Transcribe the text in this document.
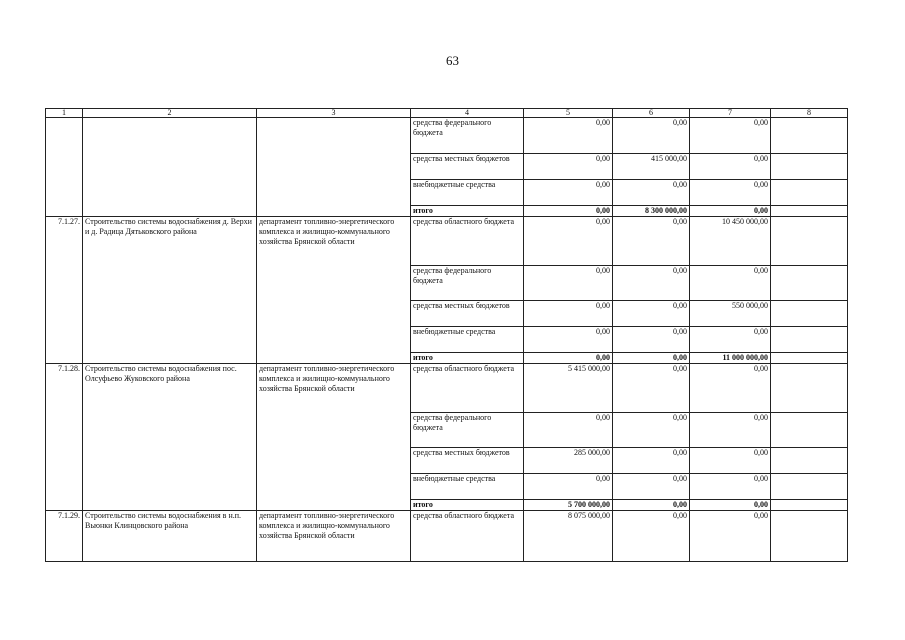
63
1	2	3	4	5	6	7	8
			средства федерального бюджета	0,00	0,00	0,00	
			средства местных бюджетов	0,00	415 000,00	0,00	
			внебюджетные средства	0,00	0,00	0,00	
			итого	0,00	8 300 000,00	0,00	
7.1.27.	Строительство системы водоснабжения д. Верхи и д. Радица Дятьковского района	департамент топливно-энергетического комплекса и жилищно-коммунального хозяйства Брянской области	средства областного бюджета	0,00	0,00	10 450 000,00	
			средства федерального бюджета	0,00	0,00	0,00	
			средства местных бюджетов	0,00	0,00	550 000,00	
			внебюджетные средства	0,00	0,00	0,00	
			итого	0,00	0,00	11 000 000,00	
7.1.28.	Строительство системы водоснабжения пос. Олсуфьево Жуковского района	департамент топливно-энергетического комплекса и жилищно-коммунального хозяйства Брянской области	средства областного бюджета	5 415 000,00	0,00	0,00	
			средства федерального бюджета	0,00	0,00	0,00	
			средства местных бюджетов	285 000,00	0,00	0,00	
			внебюджетные средства	0,00	0,00	0,00	
			итого	5 700 000,00	0,00	0,00	
7.1.29.	Строительство системы водоснабжения в н.п. Вьюнки Клинцовского района	департамент топливно-энергетического комплекса и жилищно-коммунального хозяйства Брянской области	средства областного бюджета	8 075 000,00	0,00	0,00	
